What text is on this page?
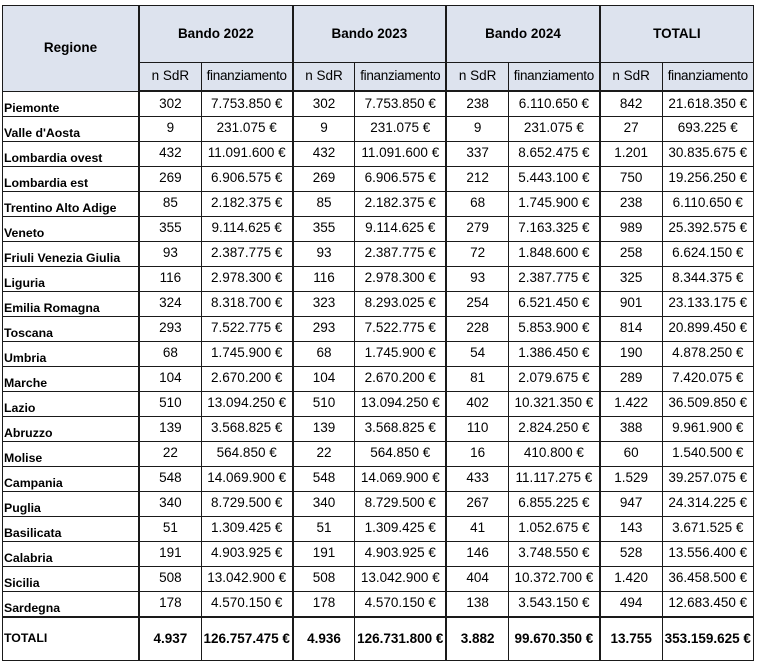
Regione	Bando 2022		Bando 2023		Bando 2024		TOTALI	
	n SdR	finanziamento	n SdR	finanziamento	n SdR	finanziamento	n SdR	finanziamento
Piemonte	302	7.753.850 €	302	7.753.850 €	238	6.110.650 €	842	21.618.350 €
Valle d'Aosta	9	231.075 €	9	231.075 €	9	231.075 €	27	693.225 €
Lombardia ovest	432	11.091.600 €	432	11.091.600 €	337	8.652.475 €	1.201	30.835.675 €
Lombardia est	269	6.906.575 €	269	6.906.575 €	212	5.443.100 €	750	19.256.250 €
Trentino Alto Adige	85	2.182.375 €	85	2.182.375 €	68	1.745.900 €	238	6.110.650 €
Veneto	355	9.114.625 €	355	9.114.625 €	279	7.163.325 €	989	25.392.575 €
Friuli Venezia Giulia	93	2.387.775 €	93	2.387.775 €	72	1.848.600 €	258	6.624.150 €
Liguria	116	2.978.300 €	116	2.978.300 €	93	2.387.775 €	325	8.344.375 €
Emilia Romagna	324	8.318.700 €	323	8.293.025 €	254	6.521.450 €	901	23.133.175 €
Toscana	293	7.522.775 €	293	7.522.775 €	228	5.853.900 €	814	20.899.450 €
Umbria	68	1.745.900 €	68	1.745.900 €	54	1.386.450 €	190	4.878.250 €
Marche	104	2.670.200 €	104	2.670.200 €	81	2.079.675 €	289	7.420.075 €
Lazio	510	13.094.250 €	510	13.094.250 €	402	10.321.350 €	1.422	36.509.850 €
Abruzzo	139	3.568.825 €	139	3.568.825 €	110	2.824.250 €	388	9.961.900 €
Molise	22	564.850 €	22	564.850 €	16	410.800 €	60	1.540.500 €
Campania	548	14.069.900 €	548	14.069.900 €	433	11.117.275 €	1.529	39.257.075 €
Puglia	340	8.729.500 €	340	8.729.500 €	267	6.855.225 €	947	24.314.225 €
Basilicata	51	1.309.425 €	51	1.309.425 €	41	1.052.675 €	143	3.671.525 €
Calabria	191	4.903.925 €	191	4.903.925 €	146	3.748.550 €	528	13.556.400 €
Sicilia	508	13.042.900 €	508	13.042.900 €	404	10.372.700 €	1.420	36.458.500 €
Sardegna	178	4.570.150 €	178	4.570.150 €	138	3.543.150 €	494	12.683.450 €
TOTALI	4.937	126.757.475 €	4.936	126.731.800 €	3.882	99.670.350 €	13.755	353.159.625 €
